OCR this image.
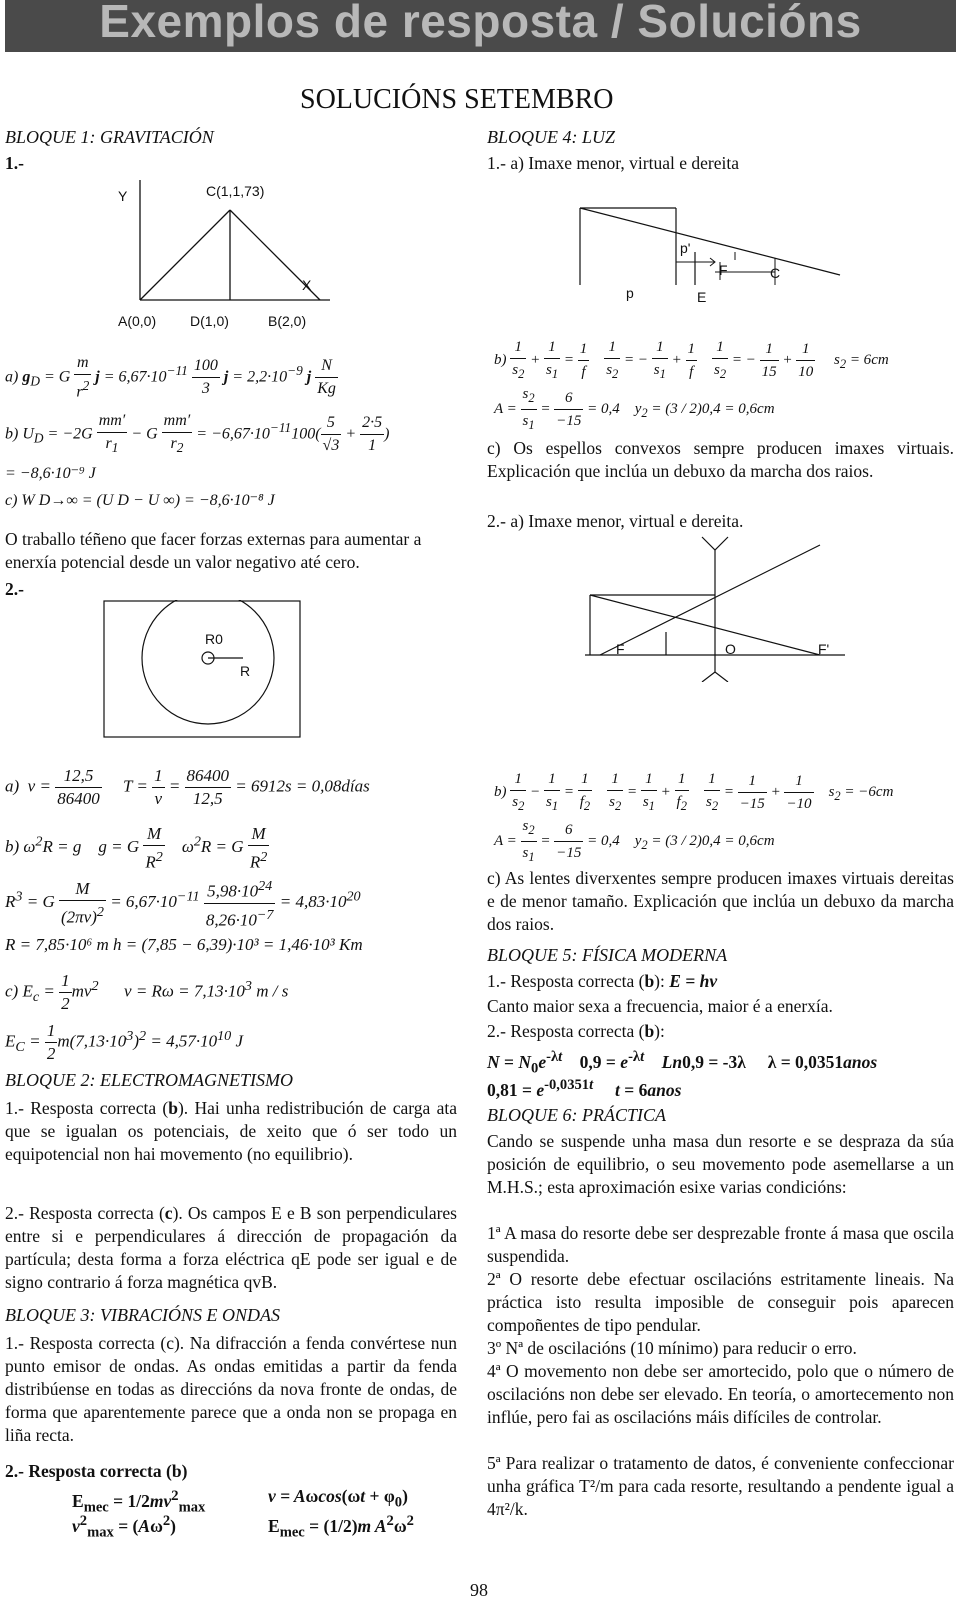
Exemplos de resposta / Solucións
SOLUCIÓNS SETEMBRO
BLOQUE 1: GRAVITACIÓN
1.-
Y	C(1,1,73)
X
A(0,0) D(1,0)	B(2,0)
a) $g_D = G \frac{m}{r^2}$ $j = 6,67\cdot 10^{-11} \frac{100}{3}$ $j = 2,2\cdot 10^{-9}$ j $\frac{N}{Kg}$
b) $U_D = -2G \frac{mm'}{r_1} - G \frac{mm'}{r_2} = -6,67\cdot 10^{-11}100( \frac{5}{√3} + \frac{2\cdot 5}{1}$ )
= −8,6·10⁻⁹ J
c) W D→∞ = (U D − U ∞) = −8,6·10⁻⁸ J
O traballo téñeno que facer forzas externas para aumentar a enerxía potencial desde un valor negativo até cero.
2.-
R0
R
a)  $\nu = \frac{12,5}{86400}$ $T = \frac{1}{\nu} = \frac{86400}{12,5} = 6912s$ = 0,08días
b) $\omega^2R = g$    g = G $\frac{M}{R^2} \omega^2R = G \frac{M}{R^2}$
$R^3 = G \frac{M}{(2\pi\nu)^2} = 6,67\cdot 10^{-11} \frac{5,98\cdot 10^{24}}{8,26\cdot 10^{-7}} = 4,83\cdot 10^{20}$
R = 7,85·10⁶ m h = (7,85 − 6,39)·10³ = 1,46·10³ Km
c) $E_c = \frac{1}{2} mv^2$ $v = R\omega = 7,13\cdot 10^3$ m / s
$E_C = \frac{1}{2} m(7,13\cdot 10^3)^2 = 4,57\cdot 10^{10}$ J
BLOQUE 2: ELECTROMAGNETISMO
1.- Resposta correcta (b). Hai unha redistribución de carga ata que se igualan os potenciais, de xeito que ó ser todo un equipotencial non hai movemento (no equilibrio).
2.- Resposta correcta (c). Os campos E e B son perpendiculares entre si e perpendiculares á dirección de propagación da partícula; desta forma a forza eléctrica qE pode ser igual e de signo contrario á forza magnética qvB.
BLOQUE 3: VIBRACIÓNS E ONDAS
1.- Resposta correcta (c). Na difracción a fenda convértese nun punto emisor de ondas. As ondas emitidas a partir da fenda distribúense en todas as direccións da nova fronte de ondas, de forma que aparentemente parece que a onda non se propaga en liña recta.
2.- Resposta correcta (b)
$E_{mec} = 1/2mv^2_{max}$
$v = A\omega\cos(\omega t + \varphi_0)$
$v^2_{max} = (A\omega^2)$	$E_{mec} = (1/2)m$ $A^2\omega^2$
BLOQUE 4: LUZ
1.- a) Imaxe menor, virtual e dereita
p'
p	E
F	C
$b) \frac{1}{s_2} + \frac{1}{s_1} = \frac{1}{f}$
$\frac{1}{s_2}$ = − $\frac{1}{s_1} + \frac{1}{f}$
$\frac{1}{s_2}$ = − $\frac{1}{15} + \frac{1}{10} s_2 = 6cm$
$A = \frac{s_2}{s_1} = \frac{6}{-15} = 0,4$    $y_2 = (3 / 2)0,4 = 0,6cm$
c) Os espellos convexos sempre producen imaxes virtuais. Explicación que inclúa un debuxo da marcha dos raios.
2.- a) Imaxe menor, virtual e dereita.
F	O	F'
$b) \frac{1}{s_2} - \frac{1}{s_1} = \frac{1}{f_2}$
$\frac{1}{s_2} = \frac{1}{s_1} + \frac{1}{f_2}$
$\frac{1}{s_2} = \frac{1}{-15} + \frac{1}{-10} s_2 = -6cm$
$A = \frac{s_2}{s_1} = \frac{6}{-15} = 0,4$    $y_2 = (3 / 2)0,4 = 0,6cm$
c) As lentes diverxentes sempre producen imaxes virtuais dereitas e de menor tamaño. Explicación que inclúa un debuxo da marcha dos raios.
BLOQUE 5: FÍSICA MODERNA
1.- Resposta correcta (b): E = hν
Canto maior sexa a frecuencia, maior é a enerxía.
2.- Resposta correcta (b):
$N = N_0e^{-\lambda t}$    $0,9 = e^{-\lambda t}$ Ln0,9 = -3λ     λ = 0,0351anos
$0,81 = e^{-0,0351t}$ t = 6anos
BLOQUE 6: PRÁCTICA
Cando se suspende unha masa dun resorte e se despraza da súa posición de equilibrio, o seu movemento pode asemellarse a un M.H.S.; esta aproximación esixe varias condicións:
1ª A masa do resorte debe ser desprezable fronte á masa que oscila suspendida.
2ª O resorte debe efectuar oscilacións estritamente lineais. Na práctica isto resulta imposible de conseguir pois aparecen compoñentes de tipo pendular.
3º Nª de oscilacións (10 mínimo) para reducir o erro.
4ª O movemento non debe ser amortecido, polo que o número de oscilacións non debe ser elevado. En teoría, o amortecemento non inflúe, pero fai as oscilacións máis difíciles de controlar.
5ª Para realizar o tratamento de datos, é conveniente confeccionar unha gráfica T²/m para cada resorte, resultando a pendente igual a 4π²/k.
98
